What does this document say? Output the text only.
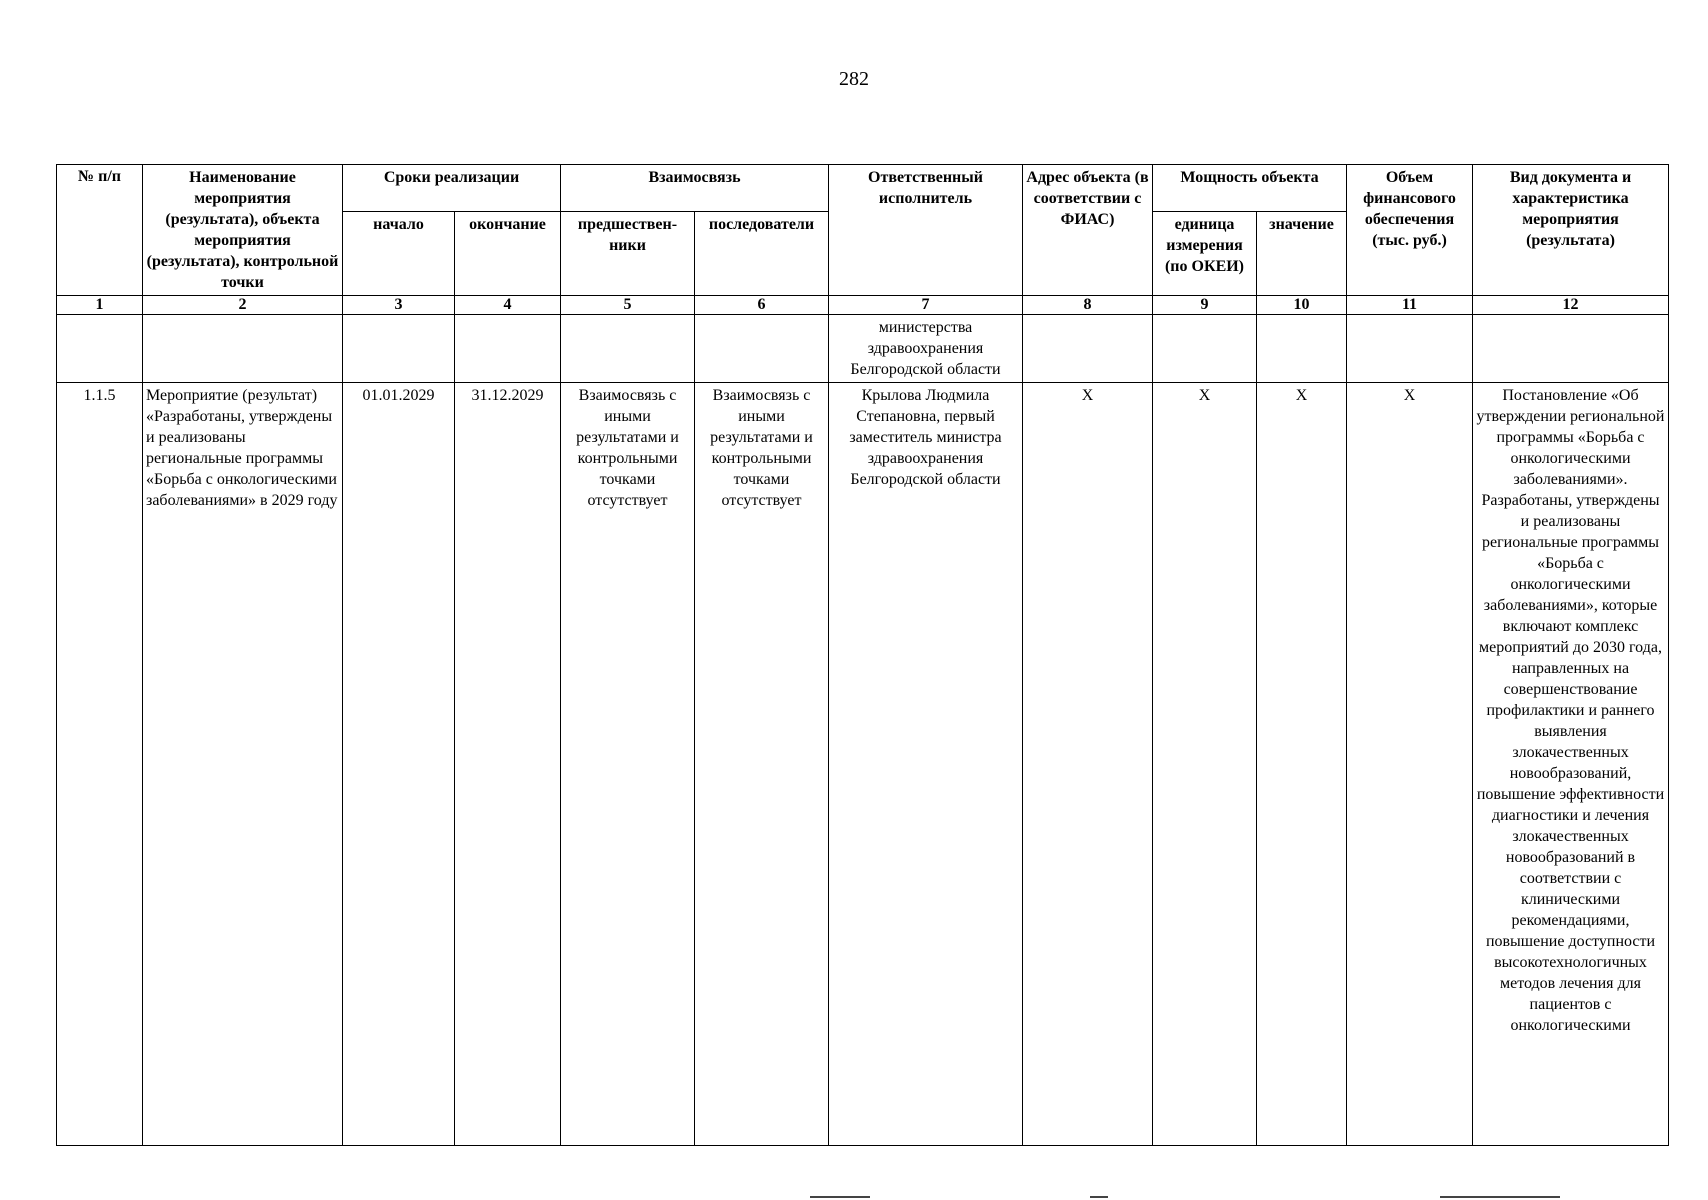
282
№ п/п	Наименование мероприятия (результата), объекта мероприятия (результата), контрольной точки	Сроки реализации		Взаимосвязь		Ответственный исполнитель	Адрес объекта (в соответствии с ФИАС)	Мощность объекта		Объем финансового обеспечения (тыс. руб.)	Вид документа и характеристика мероприятия (результата)
		начало	окончание	предшествен-ники	последователи			единица измерения (по ОКЕИ)	значение		
1	2	3	4	5	6	7	8	9	10	11	12
						министерства здравоохранения Белгородской области					
1.1.5	Мероприятие (результат) «Разработаны, утверждены и реализованы региональные программы «Борьба с онкологическими заболеваниями» в 2029 году	01.01.2029	31.12.2029	Взаимосвязь с иными результатами и контрольными точками отсутствует	Взаимосвязь с иными результатами и контрольными точками отсутствует	Крылова Людмила Степановна, первый заместитель министра здравоохранения Белгородской области	X	X	X	X	Постановление «Об утверждении региональной программы «Борьба с онкологическими заболеваниями». Разработаны, утверждены и реализованы региональные программы «Борьба с онкологическими заболеваниями», которые включают комплекс мероприятий до 2030 года, направленных на совершенствование профилактики и раннего выявления злокачественных новообразований, повышение эффективности диагностики и лечения злокачественных новообразований в соответствии с клиническими рекомендациями, повышение доступности высокотехнологичных методов лечения для пациентов с онкологическими
